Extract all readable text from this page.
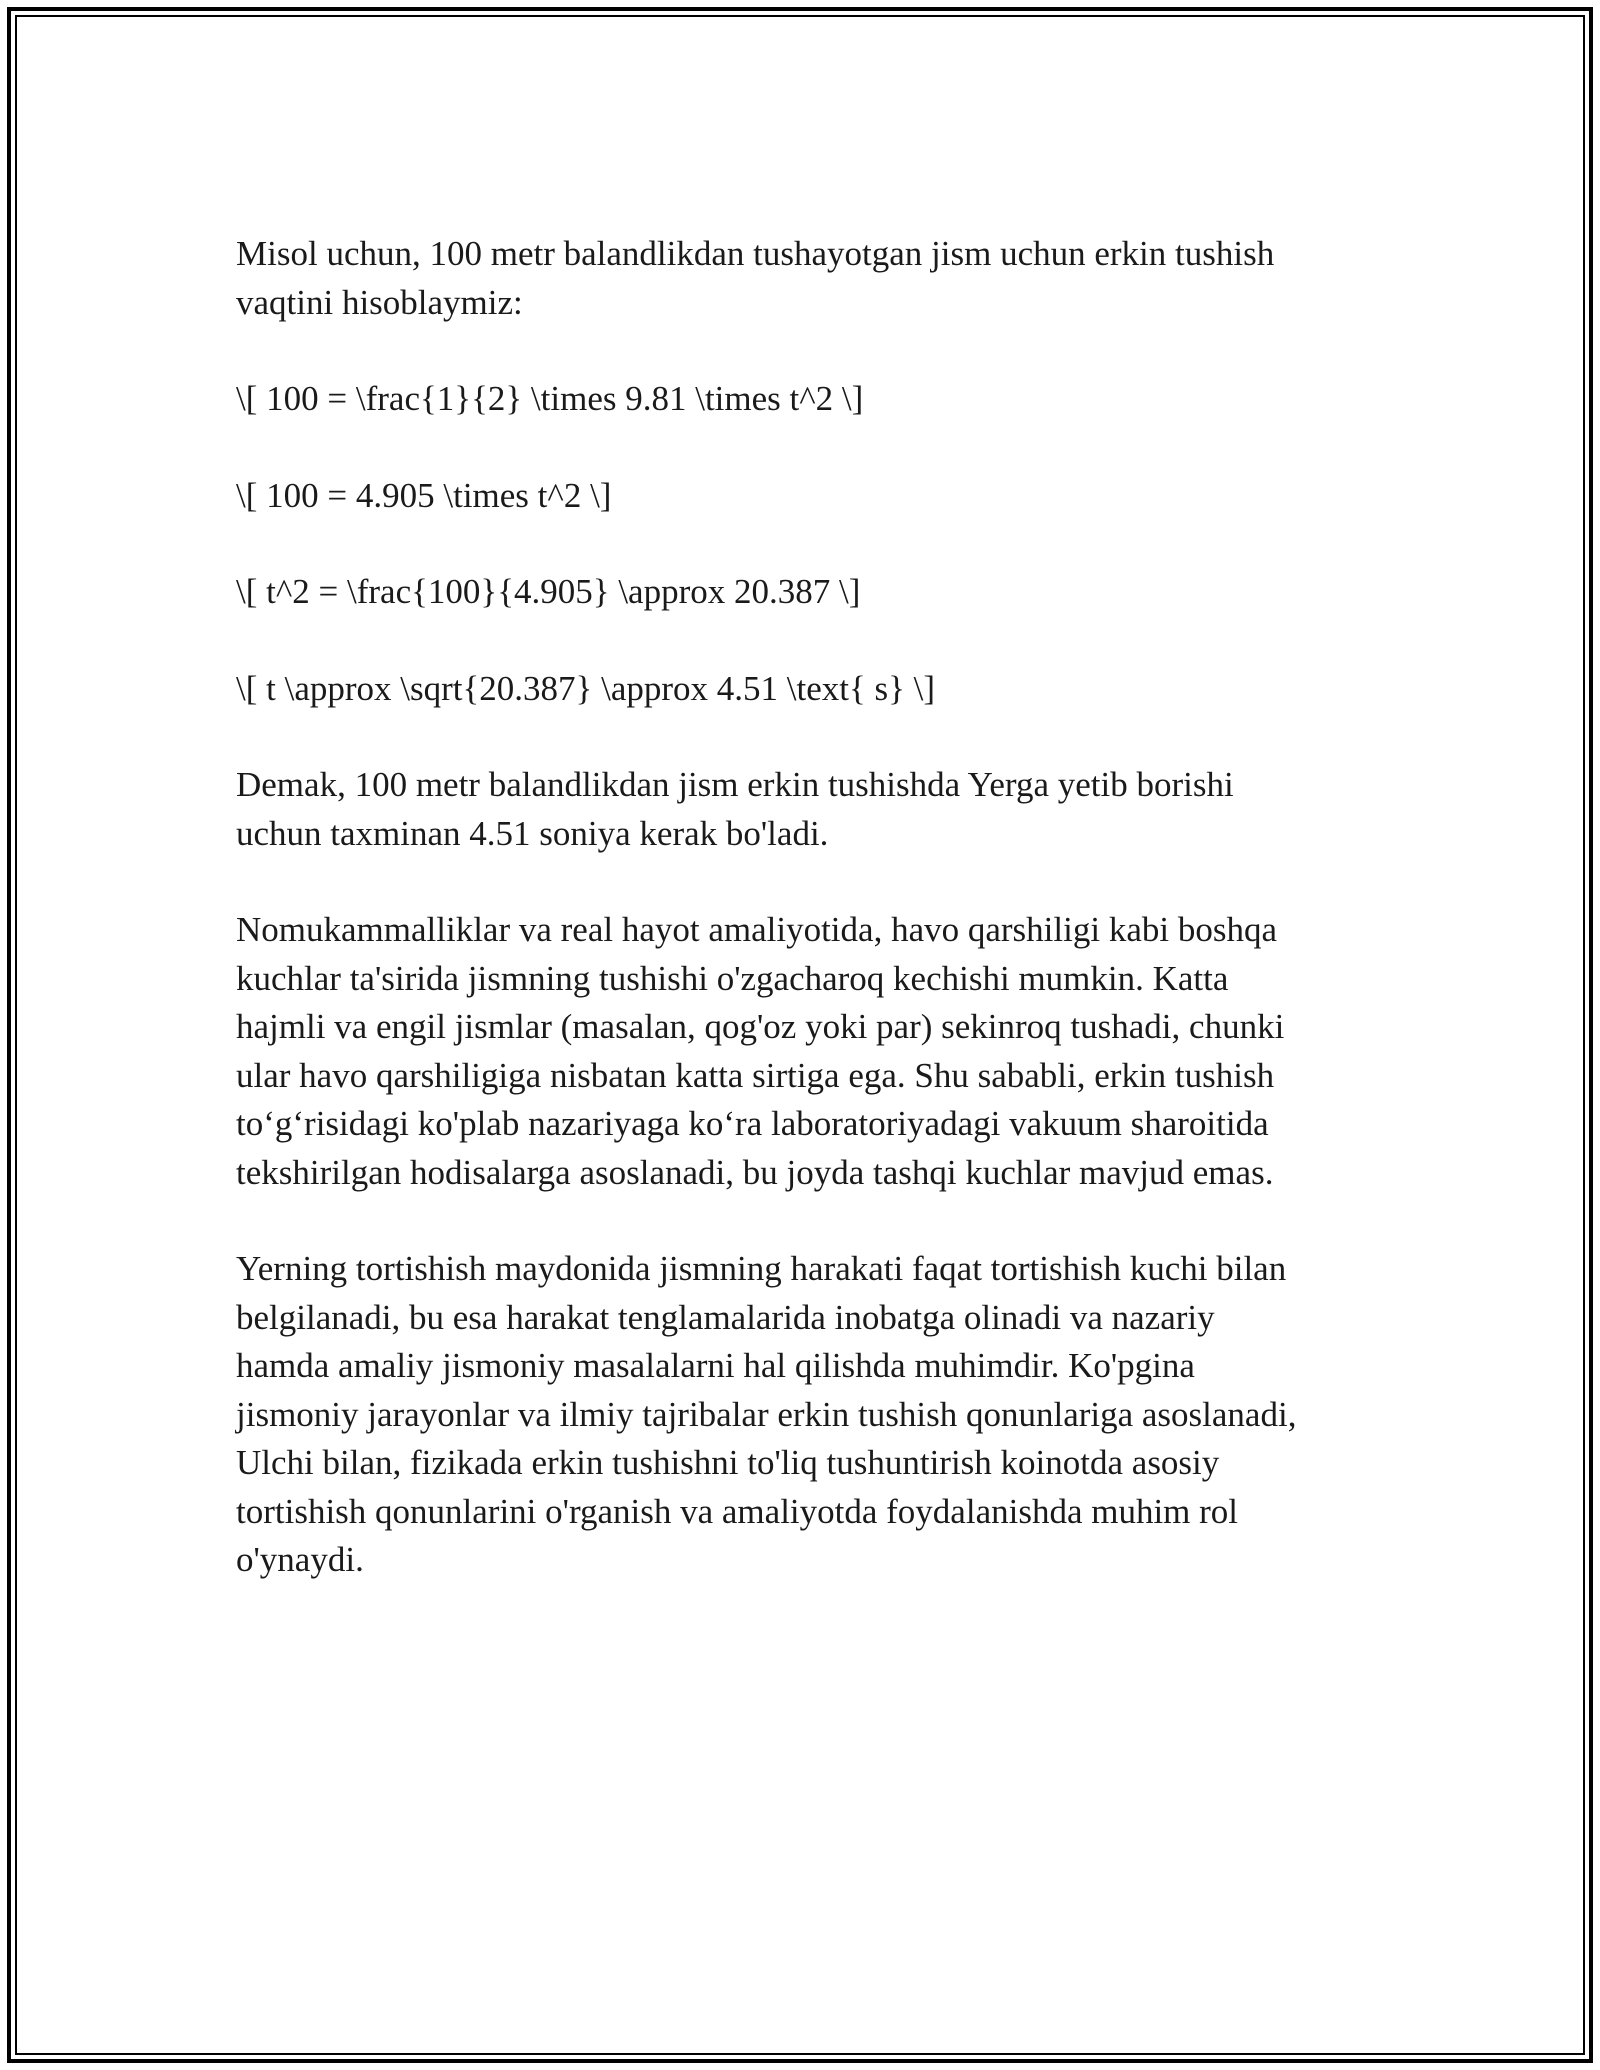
Misol uchun, 100 metr balandlikdan tushayotgan jism uchun erkin tushish
vaqtini hisoblaymiz:

\[ 100 = \frac{1}{2} \times 9.81 \times t^2 \]

\[ 100 = 4.905 \times t^2 \]

\[ t^2 = \frac{100}{4.905} \approx 20.387 \]

\[ t \approx \sqrt{20.387} \approx 4.51 \text{ s} \]

Demak, 100 metr balandlikdan jism erkin tushishda Yerga yetib borishi
uchun taxminan 4.51 soniya kerak bo'ladi.

Nomukammalliklar va real hayot amaliyotida, havo qarshiligi kabi boshqa
kuchlar ta'sirida jismning tushishi o'zgacharoq kechishi mumkin. Katta
hajmli va engil jismlar (masalan, qog'oz yoki par) sekinroq tushadi, chunki
ular havo qarshiligiga nisbatan katta sirtiga ega. Shu sababli, erkin tushish
to‘g‘risidagi ko'plab nazariyaga ko‘ra laboratoriyadagi vakuum sharoitida
tekshirilgan hodisalarga asoslanadi, bu joyda tashqi kuchlar mavjud emas.

Yerning tortishish maydonida jismning harakati faqat tortishish kuchi bilan
belgilanadi, bu esa harakat tenglamalarida inobatga olinadi va nazariy
hamda amaliy jismoniy masalalarni hal qilishda muhimdir. Ko'pgina
jismoniy jarayonlar va ilmiy tajribalar erkin tushish qonunlariga asoslanadi,
Ulchi bilan, fizikada erkin tushishni to'liq tushuntirish koinotda asosiy
tortishish qonunlarini o'rganish va amaliyotda foydalanishda muhim rol
o'ynaydi.
